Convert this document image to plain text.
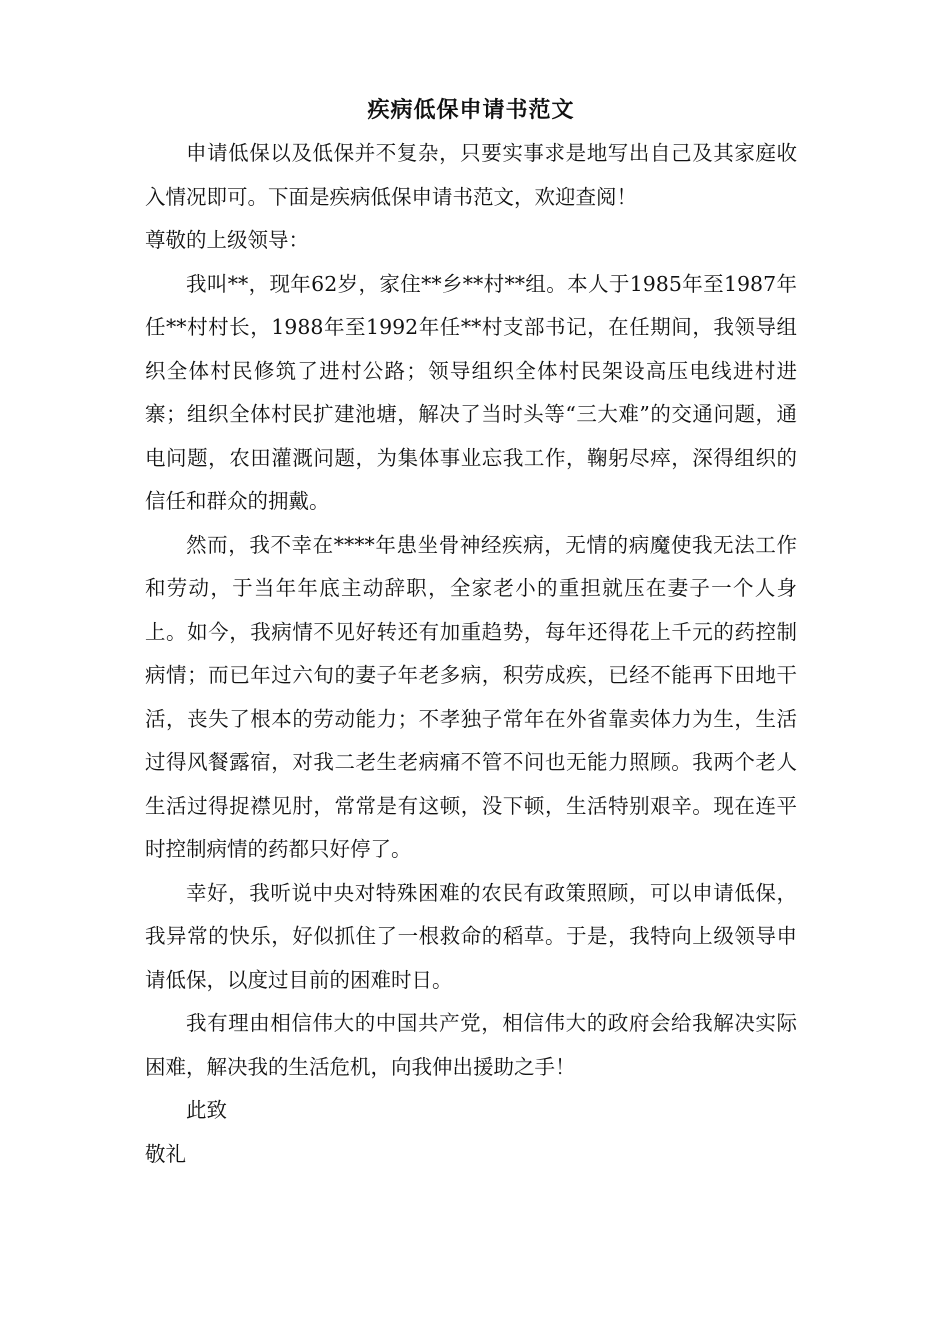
疾病低保申请书范文

申请低保以及低保并不复杂，只要实事求是地写出自己及其家庭收入情况即可。下面是疾病低保申请书范文，欢迎查阅！

尊敬的上级领导：

我叫**，现年62岁，家住**乡**村**组。本人于1985年至1987年任**村村长，1988年至1992年任**村支部书记，在任期间，我领导组织全体村民修筑了进村公路；领导组织全体村民架设高压电线进村进寨；组织全体村民扩建池塘，解决了当时头等“三大难”的交通问题，通电问题，农田灌溉问题，为集体事业忘我工作，鞠躬尽瘁，深得组织的信任和群众的拥戴。

然而，我不幸在****年患坐骨神经疾病，无情的病魔使我无法工作和劳动，于当年年底主动辞职，全家老小的重担就压在妻子一个人身上。如今，我病情不见好转还有加重趋势，每年还得花上千元的药控制病情；而已年过六旬的妻子年老多病，积劳成疾，已经不能再下田地干活，丧失了根本的劳动能力；不孝独子常年在外省靠卖体力为生，生活过得风餐露宿，对我二老生老病痛不管不问也无能力照顾。我两个老人生活过得捉襟见肘，常常是有这顿，没下顿，生活特别艰辛。现在连平时控制病情的药都只好停了。

幸好，我听说中央对特殊困难的农民有政策照顾，可以申请低保，我异常的快乐，好似抓住了一根救命的稻草。于是，我特向上级领导申请低保，以度过目前的困难时日。

我有理由相信伟大的中国共产党，相信伟大的政府会给我解决实际困难，解决我的生活危机，向我伸出援助之手！

此致

敬礼
